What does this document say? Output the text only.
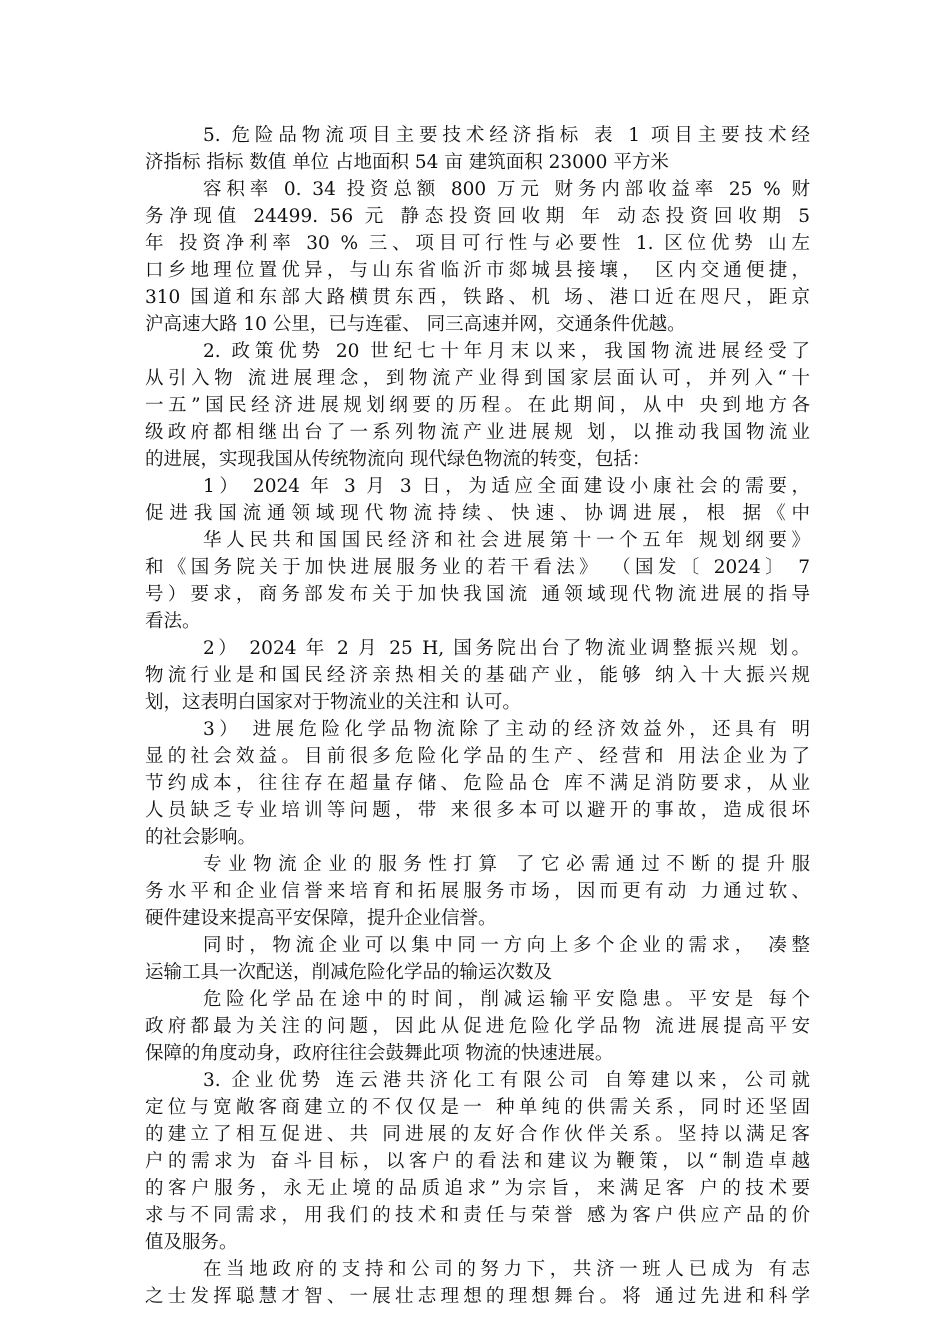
5. 危险品物流项目主要技术经济指标 表 1 项目主要技术经
济指标 指标 数值 单位 占地面积 54 亩 建筑面积 23000 平方米
容积率 0. 34 投资总额 800 万元 财务内部收益率 25 % 财
务净现值 24499. 56 元 静态投资回收期 年 动态投资回收期 5
年 投资净利率 30 % 三、项目可行性与必要性 1. 区位优势 山左
口乡地理位置优异，与山东省临沂市郯城县接壤， 区内交通便捷，
310 国道和东部大路横贯东西，铁路、机 场、港口近在咫尺，距京
沪高速大路 10 公里，已与连霍、 同三高速并网，交通条件优越。
2. 政策优势 20 世纪七十年月末以来，我国物流进展经受了
从引入物 流进展理念，到物流产业得到国家层面认可，并列入“十
一五”国民经济进展规划纲要的历程。在此期间，从中 央到地方各
级政府都相继出台了一系列物流产业进展规 划，以推动我国物流业
的进展，实现我国从传统物流向 现代绿色物流的转变，包括：
1） 2024 年 3 月 3 日，为适应全面建设小康社会的需要，
促进我国流通领域现代物流持续、快速、协调进展，根 据《中
华人民共和国国民经济和社会进展第十一个五年 规划纲要》
和《国务院关于加快进展服务业的若干看法》 （国发〔 2024〕 7
号）要求，商务部发布关于加快我国流 通领域现代物流进展的指导
看法。
2） 2024 年 2 月 25 H, 国务院出台了物流业调整振兴规 划。
物流行业是和国民经济亲热相关的基础产业，能够 纳入十大振兴规
划，这表明白国家对于物流业的关注和 认可。
3） 进展危险化学品物流除了主动的经济效益外，还具有 明
显的社会效益。目前很多危险化学品的生产、经营和 用法企业为了
节约成本，往往存在超量存储、危险品仓 库不满足消防要求，从业
人员缺乏专业培训等问题，带 来很多本可以避开的事故，造成很坏
的社会影响。
专业物流企业的服务性打算 了它必需通过不断的提升服
务水平和企业信誉来培育和拓展服务市场，因而更有动 力通过软、
硬件建设来提高平安保障，提升企业信誉。
同时，物流企业可以集中同一方向上多个企业的需求， 凑整
运输工具一次配送，削减危险化学品的输运次数及
危险化学品在途中的时间，削减运输平安隐患。平安是 每个
政府都最为关注的问题，因此从促进危险化学品物 流进展提高平安
保障的角度动身，政府往往会鼓舞此项 物流的快速进展。
3. 企业优势 连云港共济化工有限公司 自筹建以来，公司就
定位与宽敞客商建立的不仅仅是一 种单纯的供需关系，同时还坚固
的建立了相互促进、共 同进展的友好合作伙伴关系。坚持以满足客
户的需求为 奋斗目标，以客户的看法和建议为鞭策，以“制造卓越
的客户服务，永无止境的品质追求”为宗旨，来满足客 户的技术要
求与不同需求，用我们的技术和责任与荣誉 感为客户供应产品的价
值及服务。
在当地政府的支持和公司的努力下，共济一班人已成为 有志
之士发挥聪慧才智、一展壮志理想的理想舞台。将 通过先进和科学
